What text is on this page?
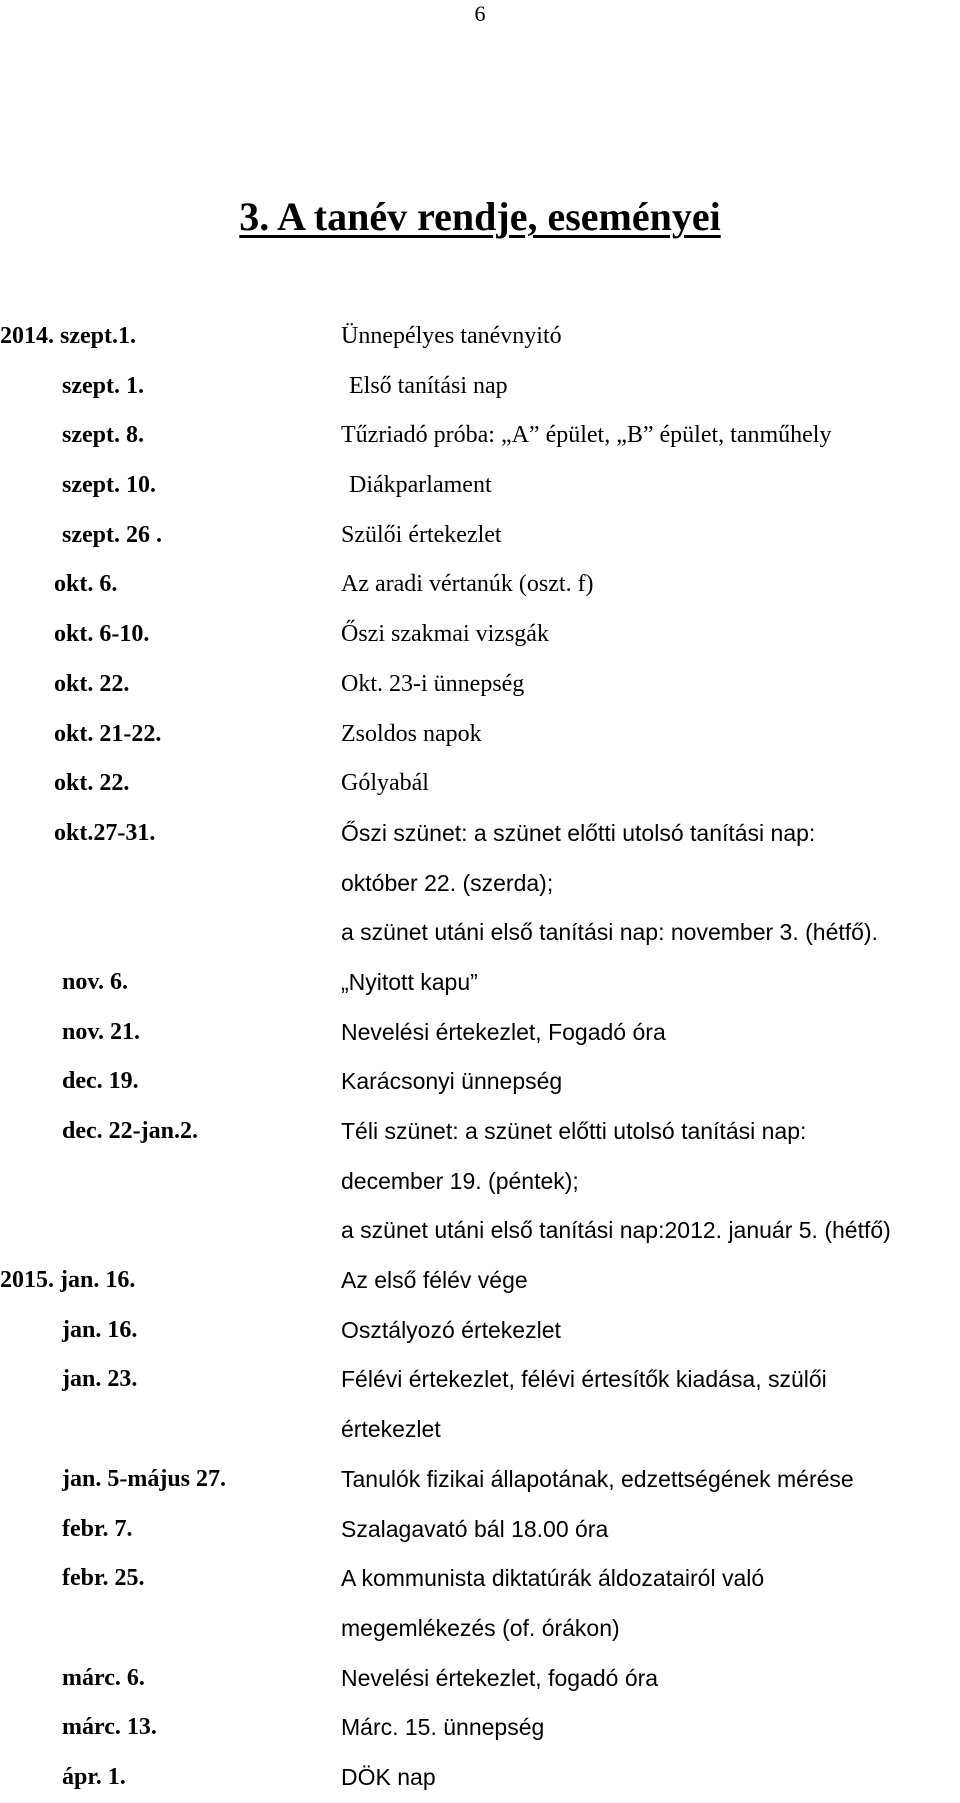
6
3. A tanév rendje, eseményei
2014. szept.1.	Ünnepélyes tanévnyitó
szept. 1.	Első tanítási nap
szept. 8.	Tűzriadó próba: „A” épület, „B” épület, tanműhely
szept. 10.	Diákparlament
szept. 26 .	Szülői értekezlet
okt. 6.	Az aradi vértanúk (oszt. f)
okt. 6-10.	Őszi szakmai vizsgák
okt. 22.	Okt. 23-i ünnepség
okt. 21-22.	Zsoldos napok
okt. 22.	Gólyabál
okt.27-31.	Őszi szünet: a szünet előtti utolsó tanítási nap:
október 22. (szerda);
a szünet utáni első tanítási nap: november 3. (hétfő).
nov. 6.	„Nyitott kapu”
nov. 21.	Nevelési értekezlet, Fogadó óra
dec. 19.	Karácsonyi ünnepség
dec. 22-jan.2.	Téli szünet: a szünet előtti utolsó tanítási nap:
december 19. (péntek);
a szünet utáni első tanítási nap:2012. január 5. (hétfő)
2015. jan. 16.	Az első félév vége
jan. 16.	Osztályozó értekezlet
jan. 23.	Félévi értekezlet, félévi értesítők kiadása, szülői
értekezlet
jan. 5-május 27.	Tanulók fizikai állapotának, edzettségének mérése
febr. 7.	Szalagavató bál 18.00 óra
febr. 25.	A kommunista diktatúrák áldozatairól való
megemlékezés (of. órákon)
márc. 6.	Nevelési értekezlet, fogadó óra
márc. 13.	Márc. 15. ünnepség
ápr. 1.	DÖK nap
